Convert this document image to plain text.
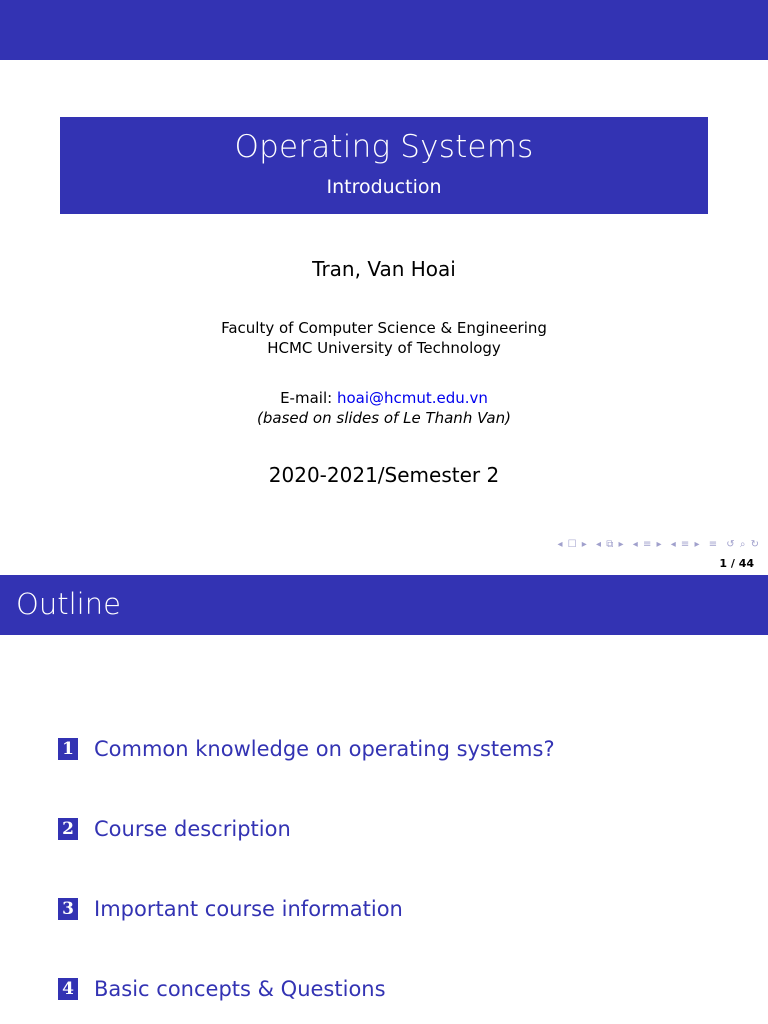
Operating Systems
Introduction
Tran, Van Hoai
Faculty of Computer Science & Engineering
HCMC University of Technology
E-mail: hoai@hcmut.edu.vn
(based on slides of Le Thanh Van)
2020-2021/Semester 2
◂ ☐ ▸ ◂ ⧉ ▸ ◂ ≡ ▸ ◂ ≡ ▸ ≡ ↺ ⌕ ↻
1 / 44
Outline
1 Common knowledge on operating systems?
2 Course description
3 Important course information
4 Basic concepts & Questions
